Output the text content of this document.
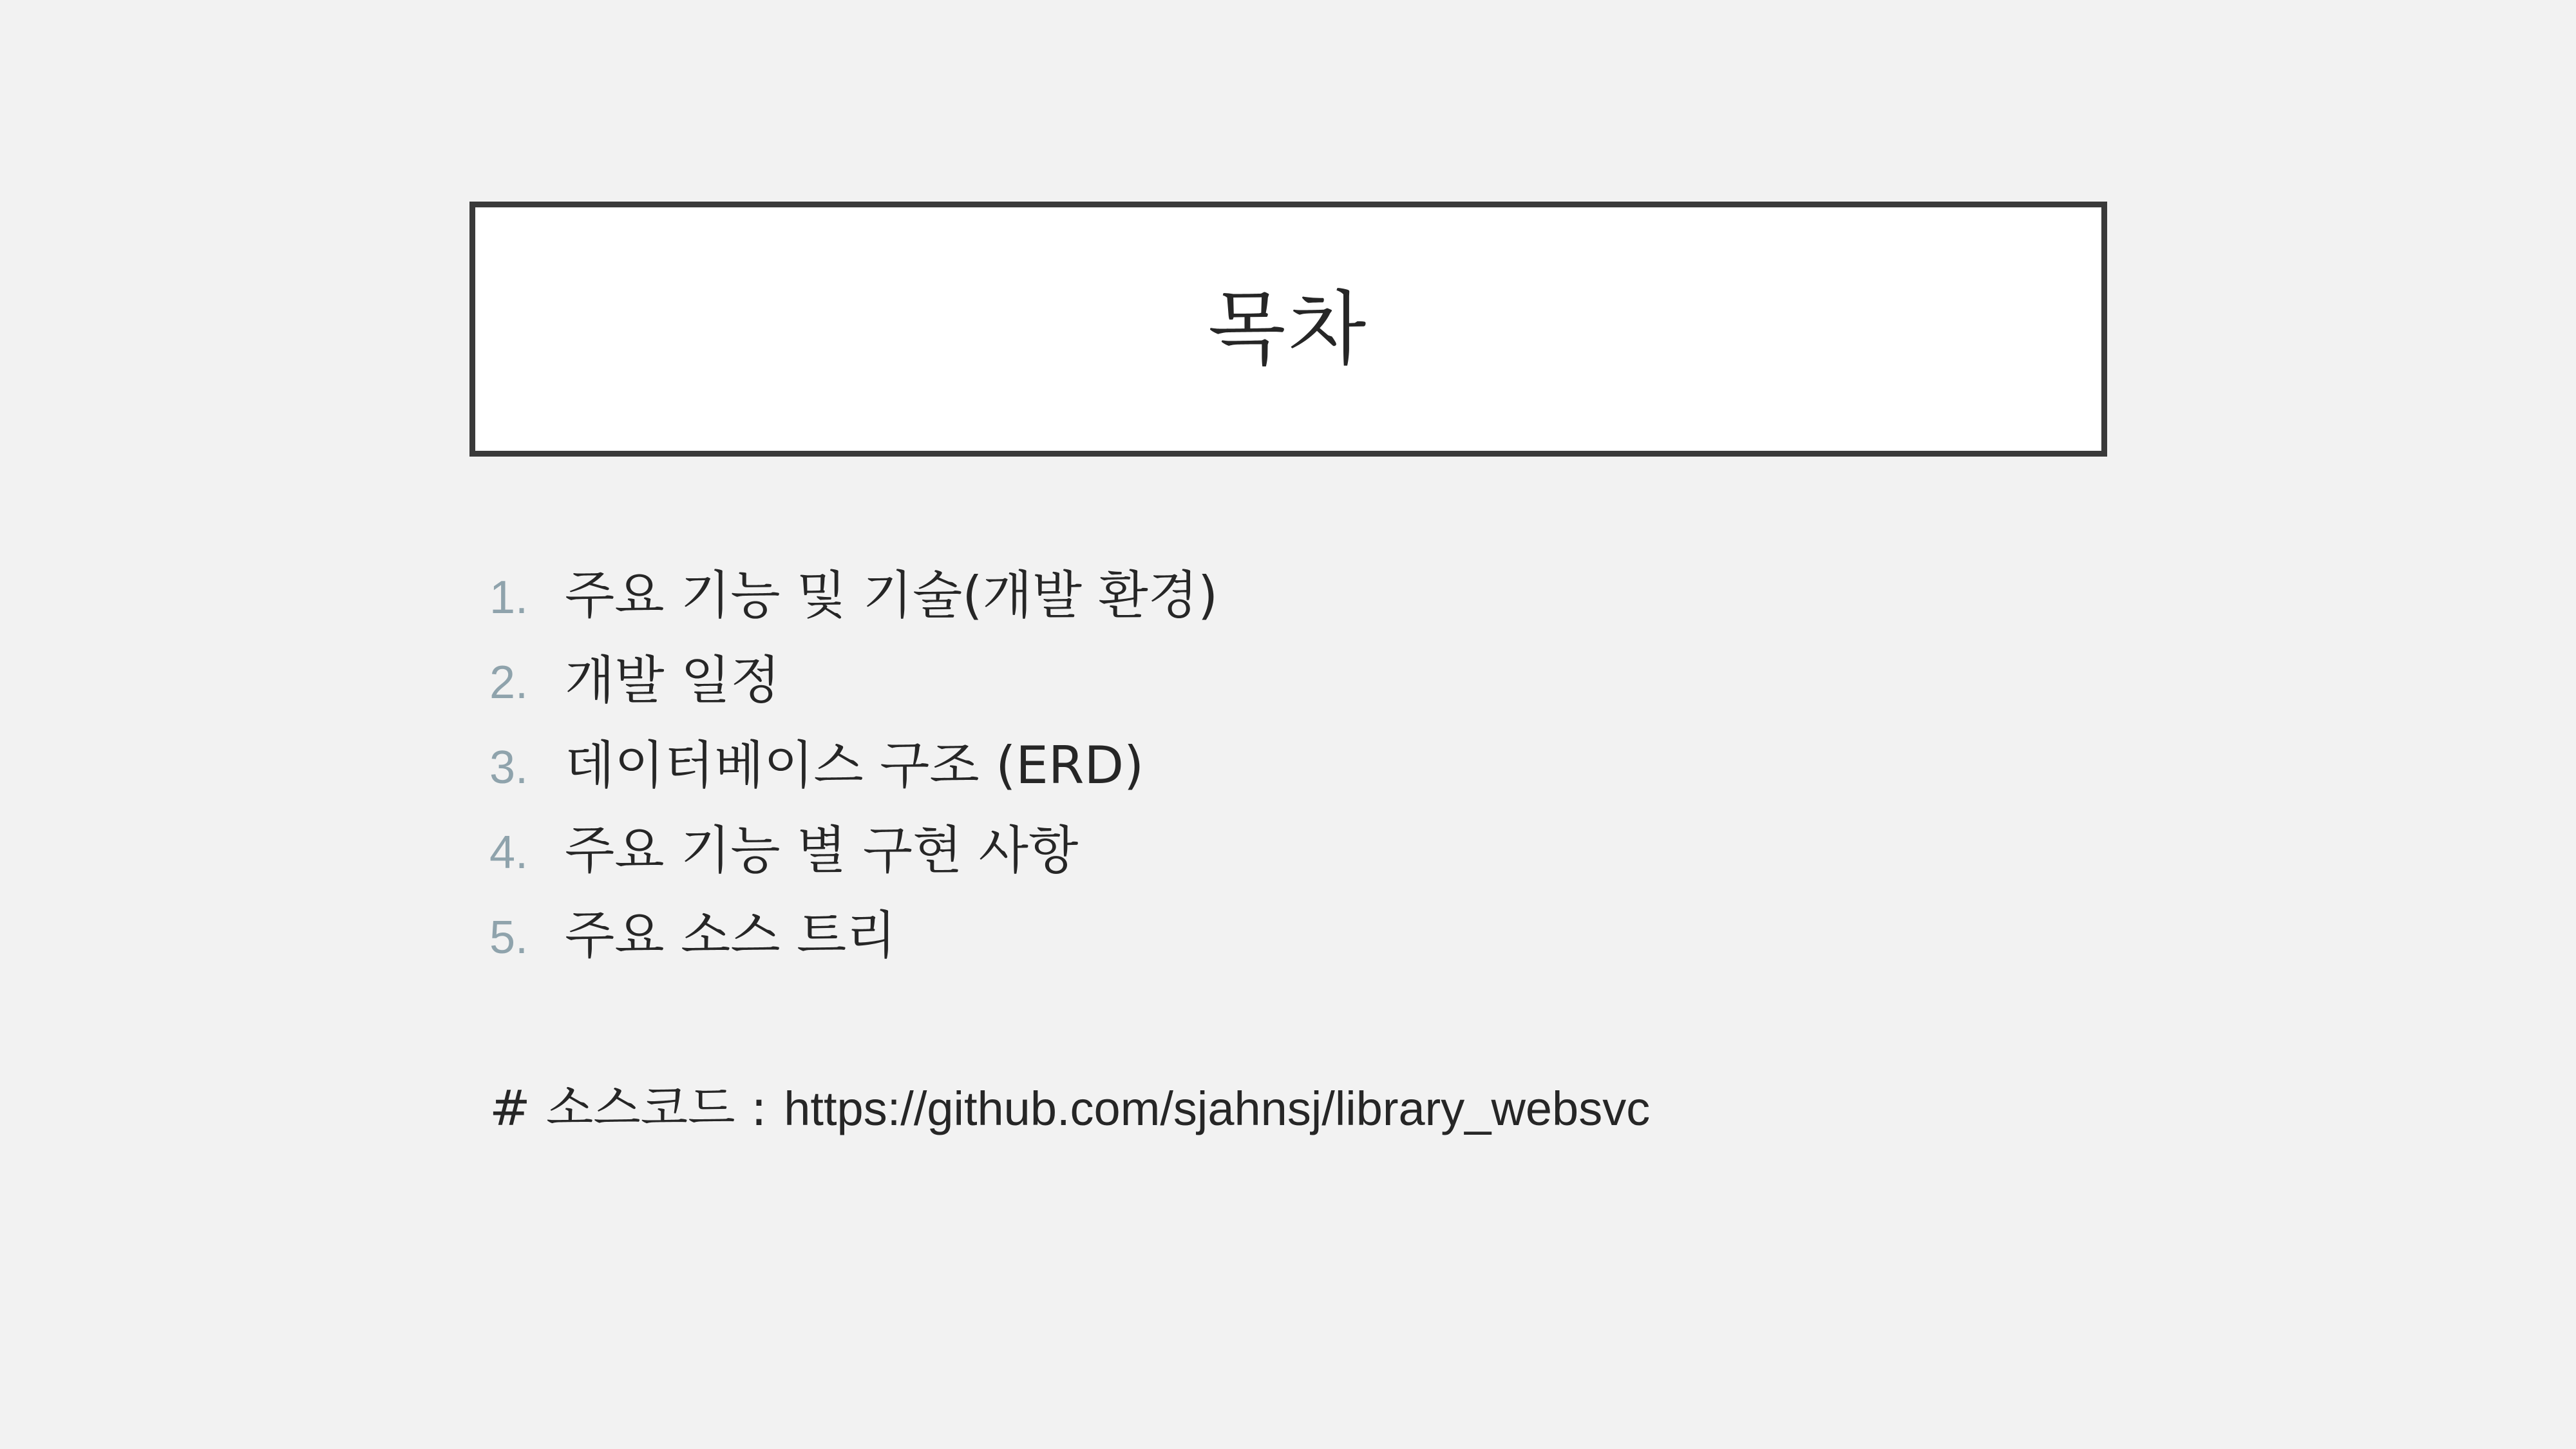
목차
1. 주요 기능 및 기술(개발 환경)
2. 개발 일정
3. 데이터베이스 구조 (ERD)
4. 주요 기능 별 구현 사항
5. 주요 소스 트리
# 소스코드 : https://github.com/sjahnsj/library_websvc
